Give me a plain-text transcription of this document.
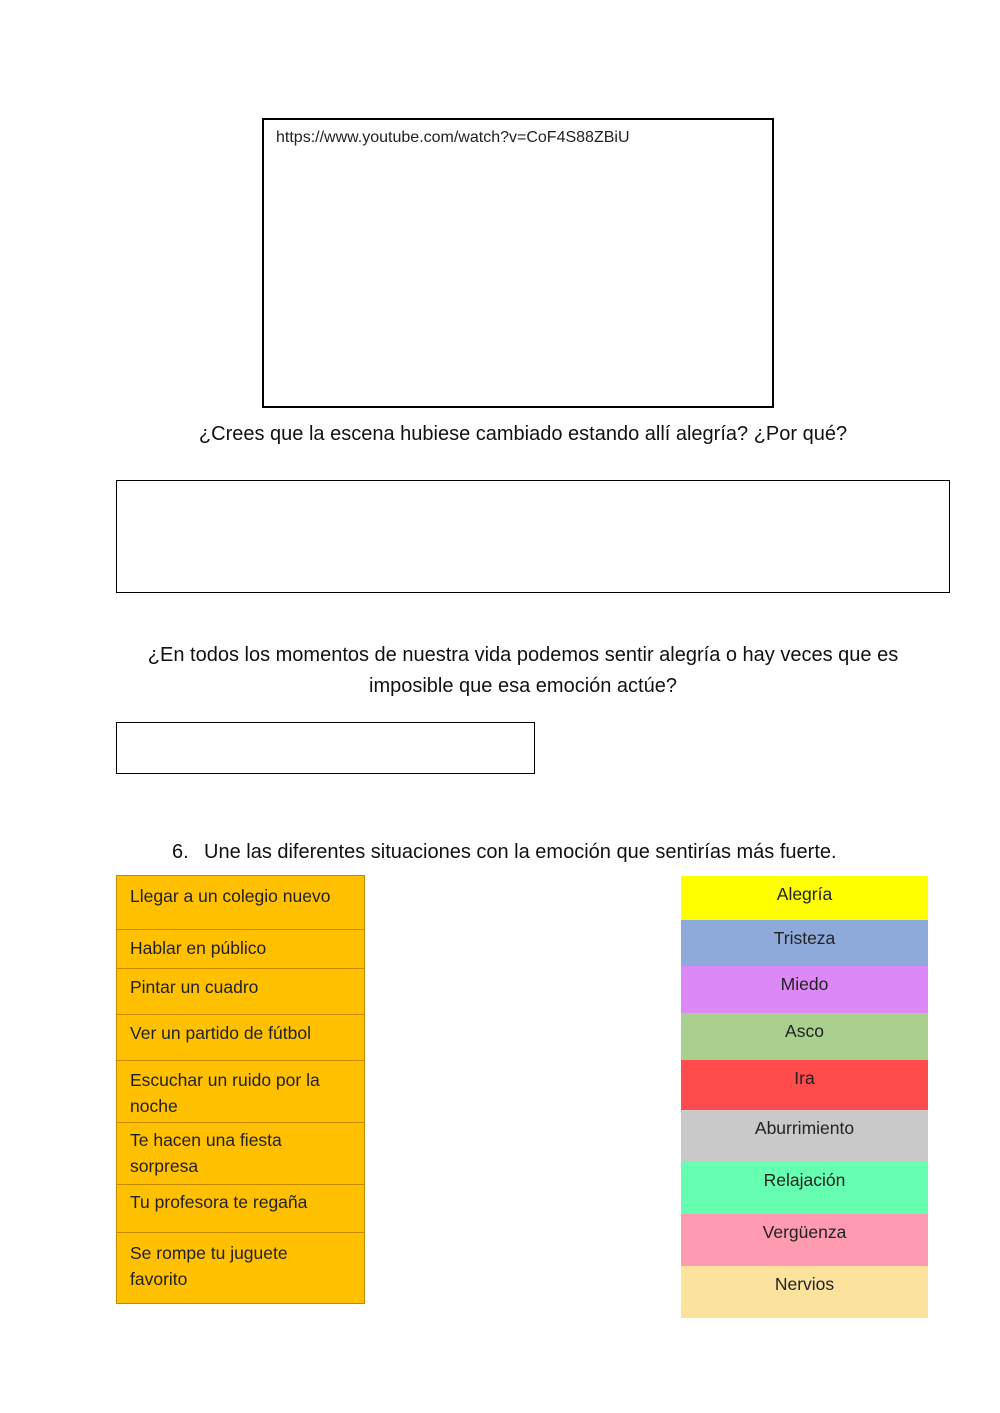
https://www.youtube.com/watch?v=CoF4S88ZBiU
¿Crees que la escena hubiese cambiado estando allí alegría? ¿Por qué?
¿En todos los momentos de nuestra vida podemos sentir alegría o hay veces que es
imposible que esa emoción actúe?
6. Une las diferentes situaciones con la emoción que sentirías más fuerte.
Llegar a un colegio nuevo
Hablar en público
Pintar un cuadro
Ver un partido de fútbol
Escuchar un ruido por la
noche
Te hacen una fiesta
sorpresa
Tu profesora te regaña
Se rompe tu juguete
favorito
Alegría
Tristeza
Miedo
Asco
Ira
Aburrimiento
Relajación
Vergüenza
Nervios
